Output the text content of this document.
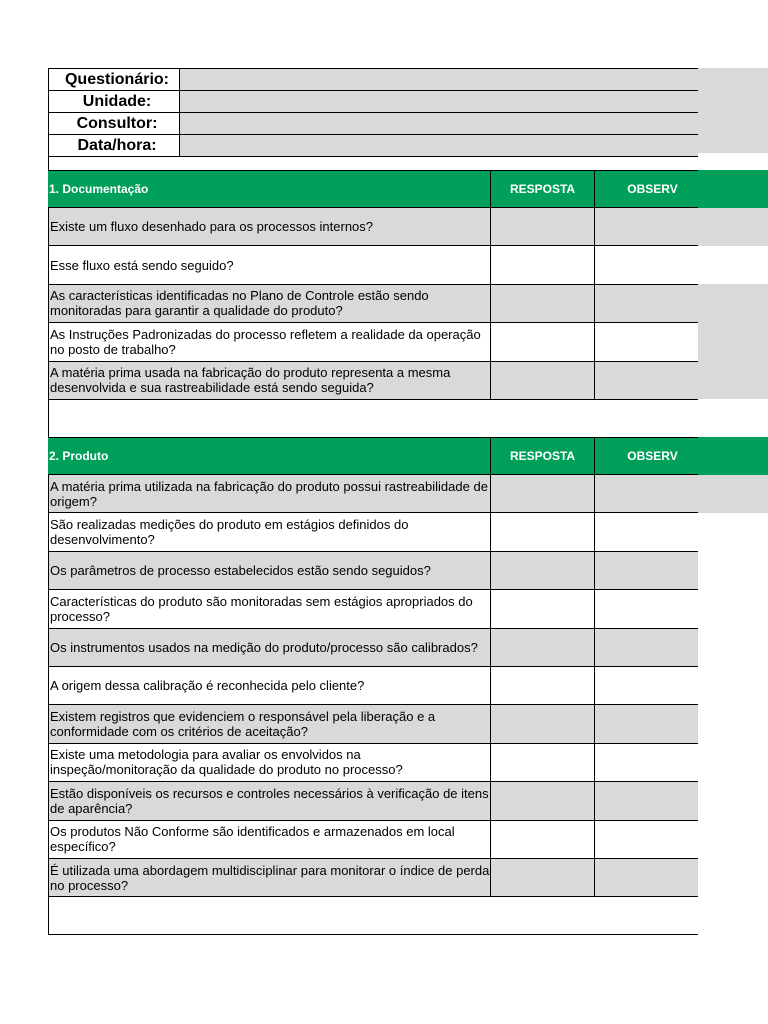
Questionário:
Unidade:
Consultor:
Data/hora:
1. Documentação	RESPOSTA	OBSERV
Existe um fluxo desenhado para os processos internos?
Esse fluxo está sendo seguido?
As características identificadas no Plano de Controle estão sendo monitoradas para garantir a qualidade do produto?
As Instruções Padronizadas do processo refletem a realidade da operação no posto de trabalho?
A matéria prima usada na fabricação do produto representa a mesma desenvolvida e sua rastreabilidade está sendo seguida?
2. Produto	RESPOSTA	OBSERV
A matéria prima utilizada na fabricação do produto possui rastreabilidade de origem?
São realizadas medições do produto em estágios definidos do desenvolvimento?
Os parâmetros de processo estabelecidos estão sendo seguidos?
Características do produto são monitoradas sem estágios apropriados do processo?
Os instrumentos usados na medição do produto/processo são calibrados?
A origem dessa calibração é reconhecida pelo cliente?
Existem registros que evidenciem o responsável pela liberação e a conformidade com os critérios de aceitação?
Existe uma metodologia para avaliar os envolvidos na inspeção/monitoração da qualidade do produto no processo?
Estão disponíveis os recursos e controles necessários à verificação de itens de aparência?
Os produtos Não Conforme são identificados e armazenados em local específico?
É utilizada uma abordagem multidisciplinar para monitorar o índice de perda no processo?
